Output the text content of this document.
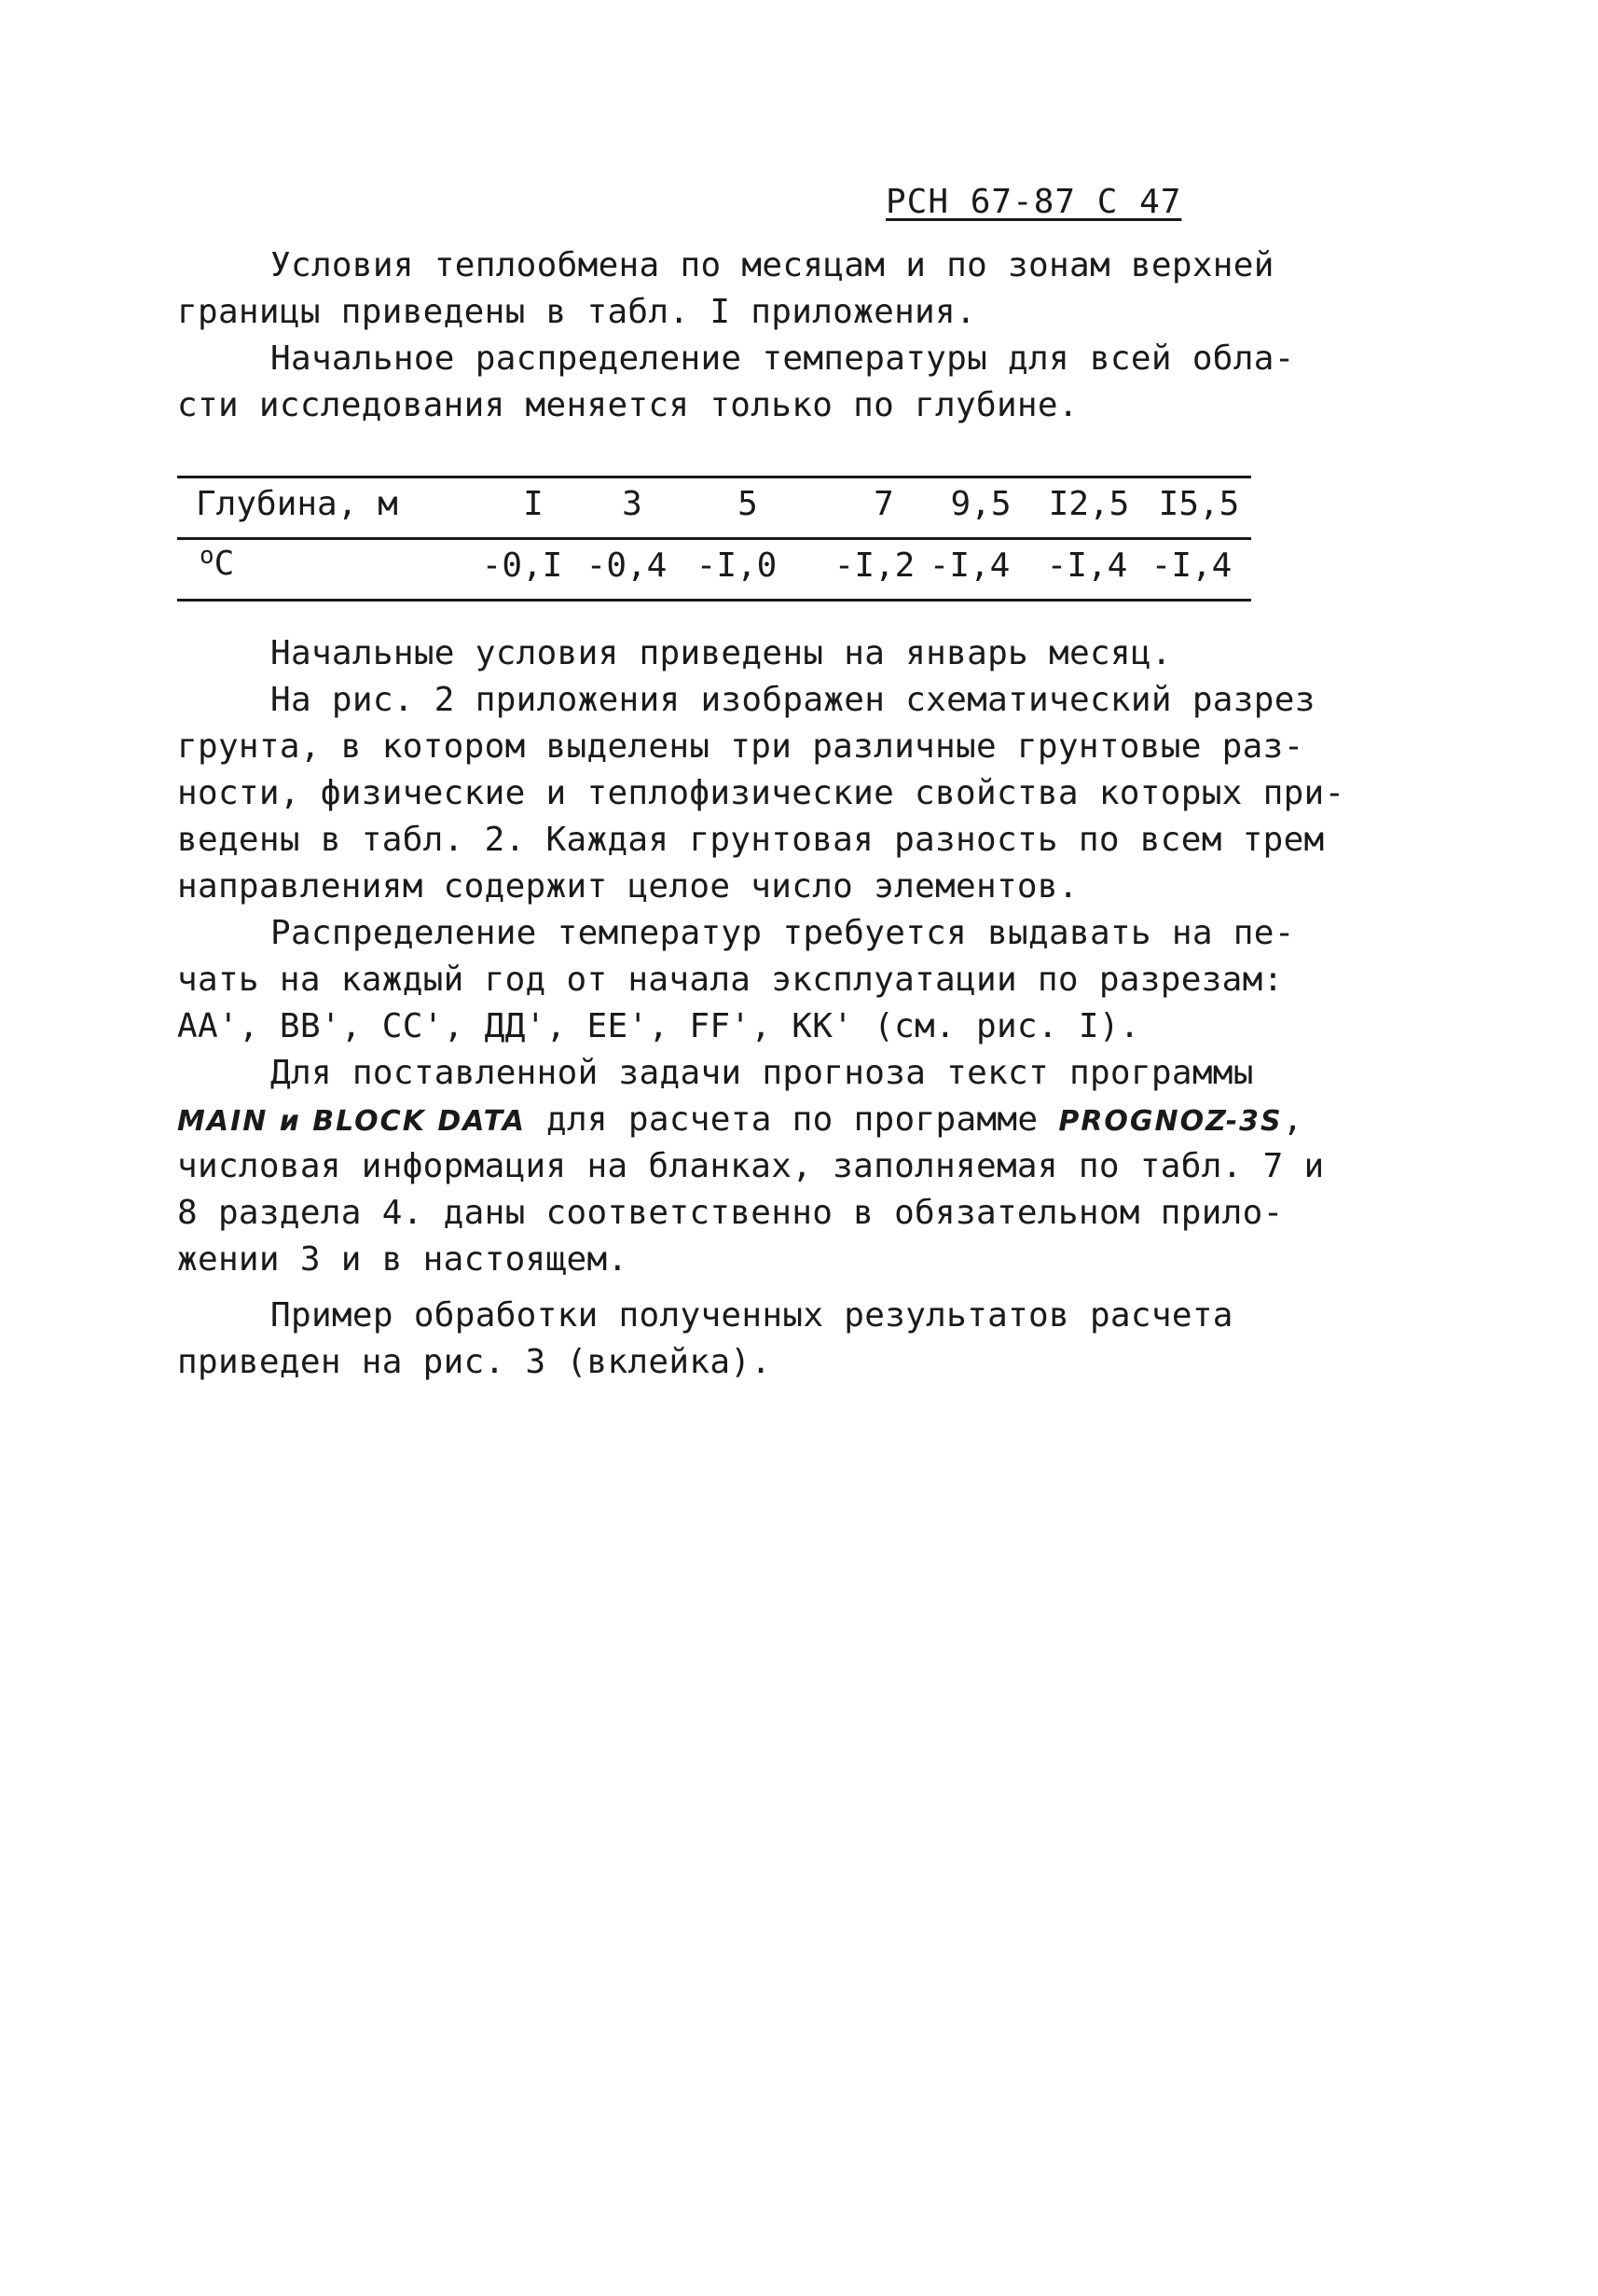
РСН 67-87 С 47
Условия теплообмена по месяцам и по зонам верхней
границы приведены в табл. I приложения.
Начальное распределение температуры для всей обла-
сти исследования меняется только по глубине.
Глубина, м	I 3	5	7 9,5 I2,5 I5,5
$^о$С	-0,I -0,4 -I,0 -I,2 -I,4 -I,4 -I,4
Начальные условия приведены на январь месяц.
На рис. 2 приложения изображен схематический разрез
грунта, в котором выделены три различные грунтовые раз-
ности, физические и теплофизические свойства которых при-
ведены в табл. 2. Каждая грунтовая разность по всем трем
направлениям содержит целое число элементов.
Распределение температур требуется выдавать на пе-
чать на каждый год от начала эксплуатации по разрезам:
АА', ВВ', СС', ДД', ЕЕ', FF', КК' (см. рис. I).
Для поставленной задачи прогноза текст программы
MAIN и BLOCK DATA для расчета по программе PROGNOZ-3S,
числовая информация на бланках, заполняемая по табл. 7 и
8 раздела 4. даны соответственно в обязательном прило-
жении 3 и в настоящем.
Пример обработки полученных результатов расчета
приведен на рис. 3 (вклейка).
